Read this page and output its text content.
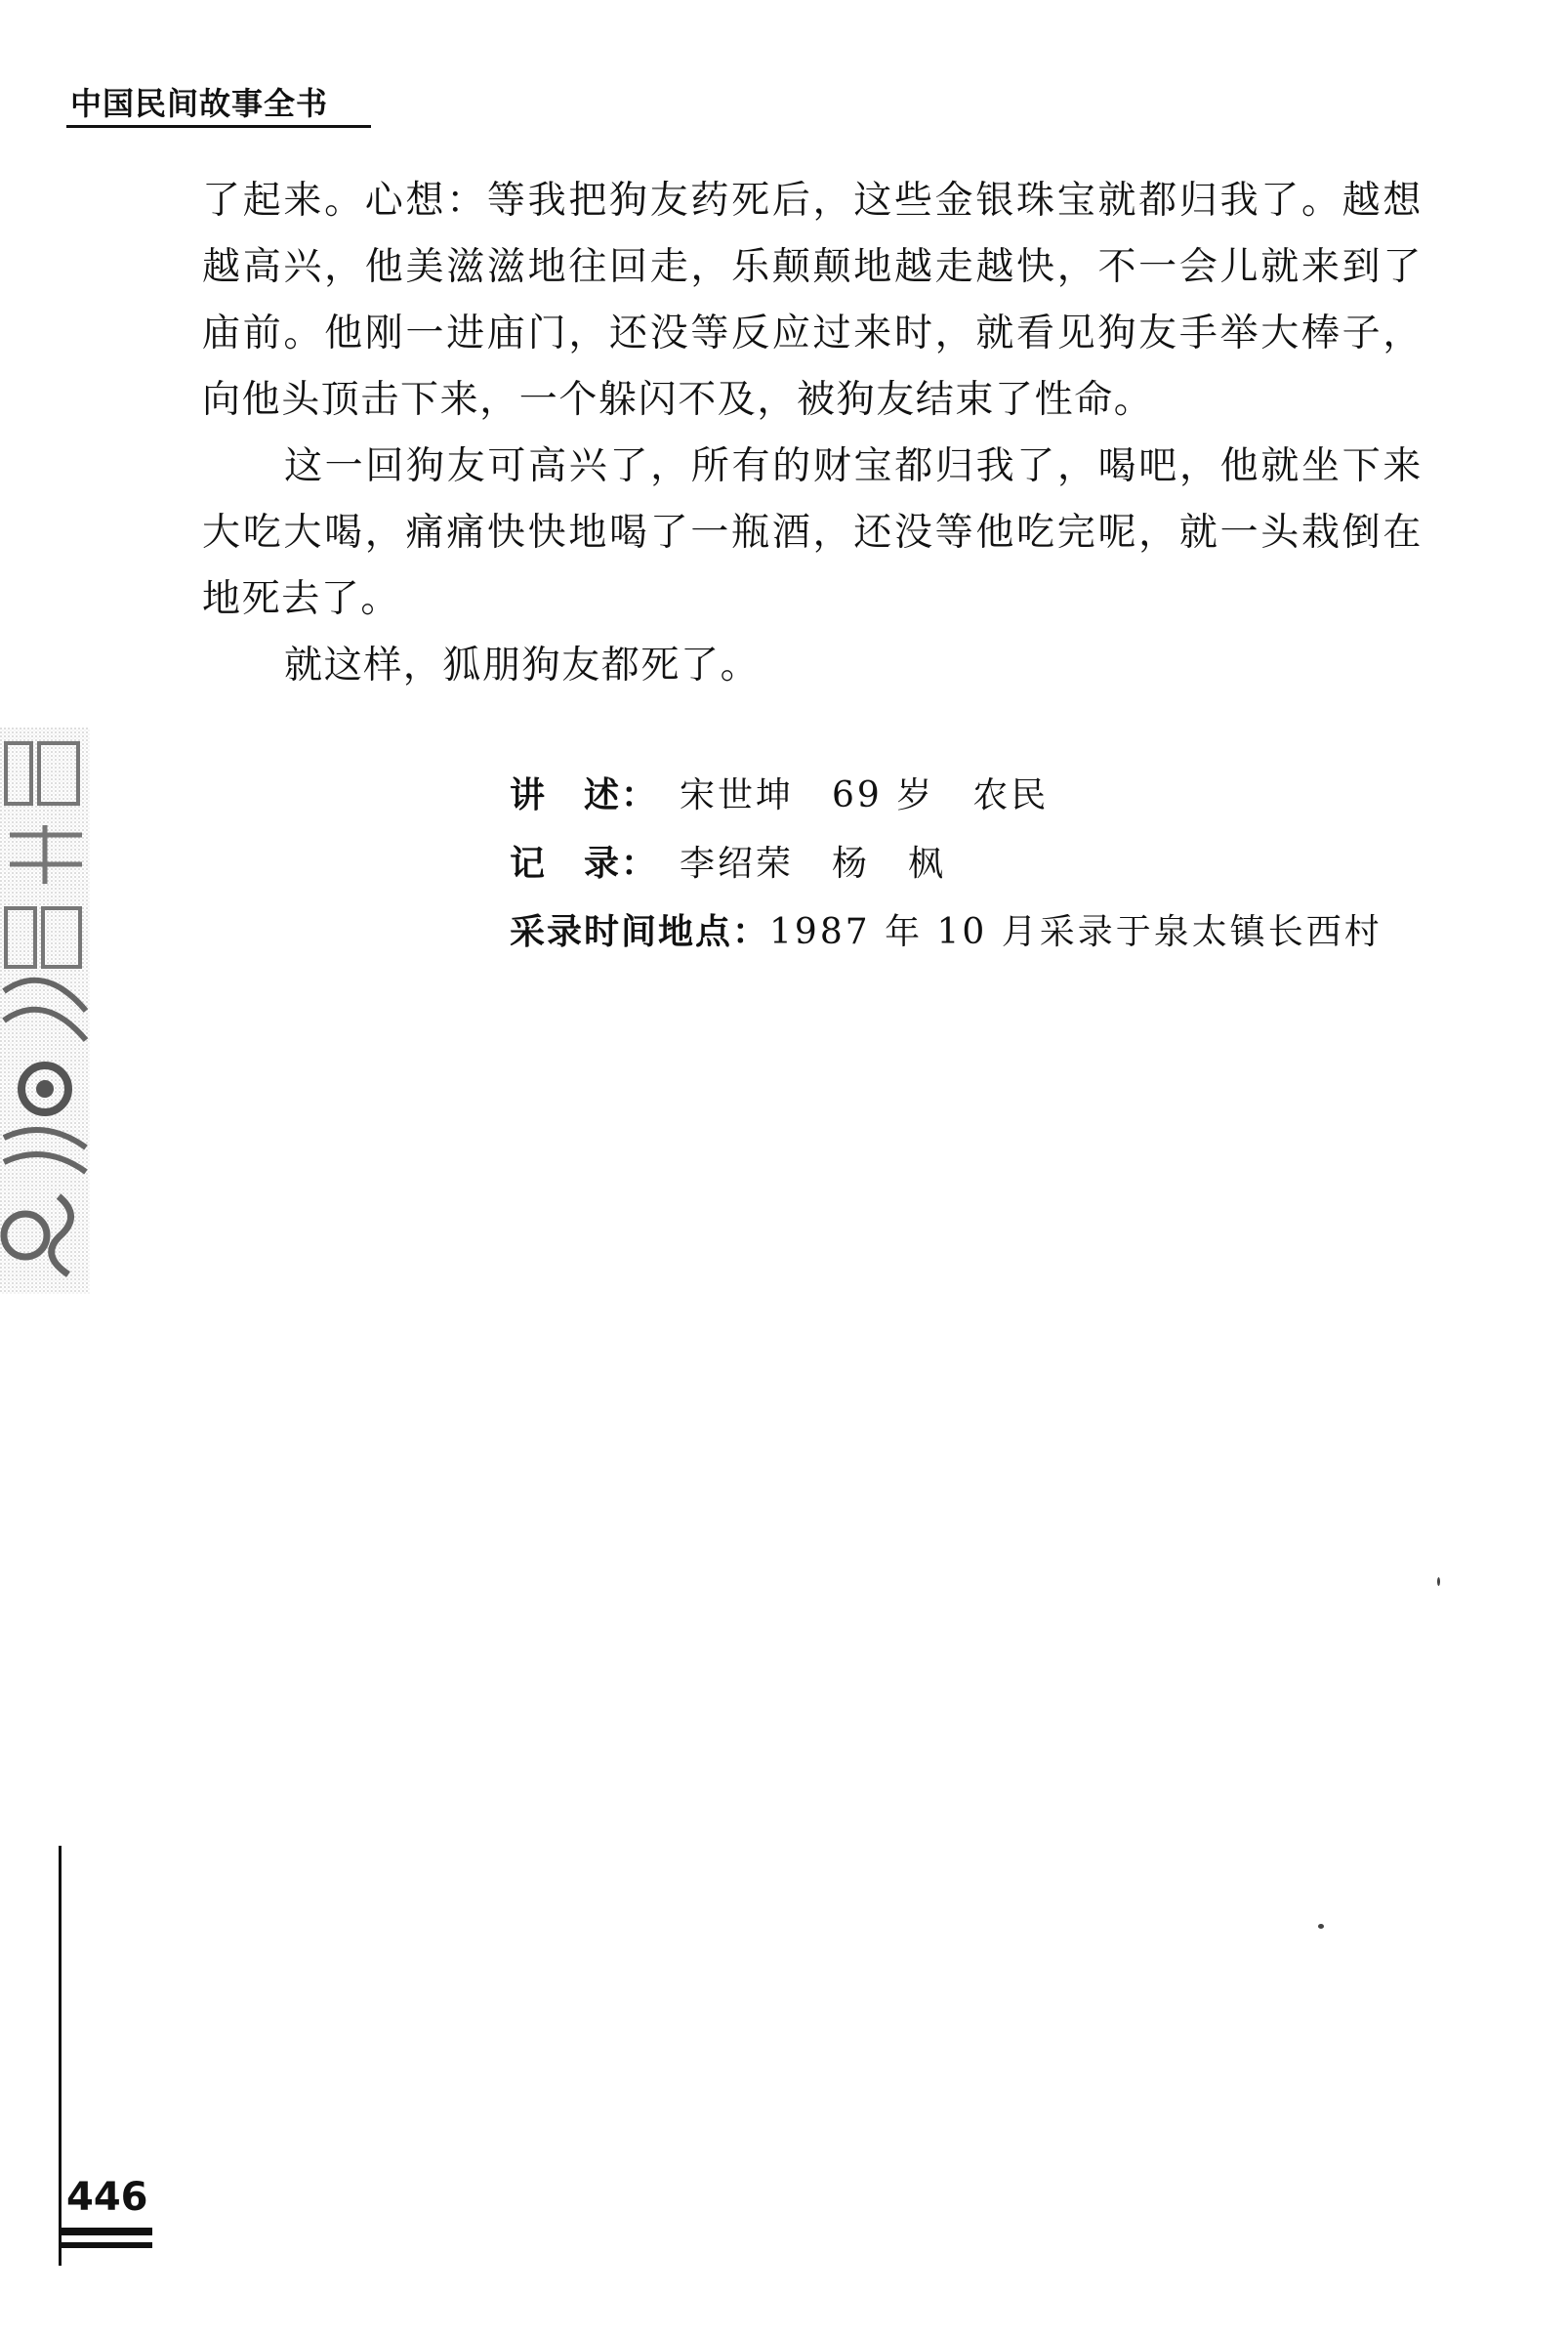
中国民间故事全书

了起来。心想：等我把狗友药死后，这些金银珠宝就都归我了。越想越高兴，他美滋滋地往回走，乐颠颠地越走越快，不一会儿就来到了庙前。他刚一进庙门，还没等反应过来时，就看见狗友手举大棒子，向他头顶击下来，一个躲闪不及，被狗友结束了性命。

这一回狗友可高兴了，所有的财宝都归我了，喝吧，他就坐下来大吃大喝，痛痛快快地喝了一瓶酒，还没等他吃完呢，就一头栽倒在地死去了。

就这样，狐朋狗友都死了。

讲　述： 宋世坤　69 岁　农民
记　录： 李绍荣　杨　枫
采录时间地点：1987 年 10 月采录于泉太镇长西村
446
